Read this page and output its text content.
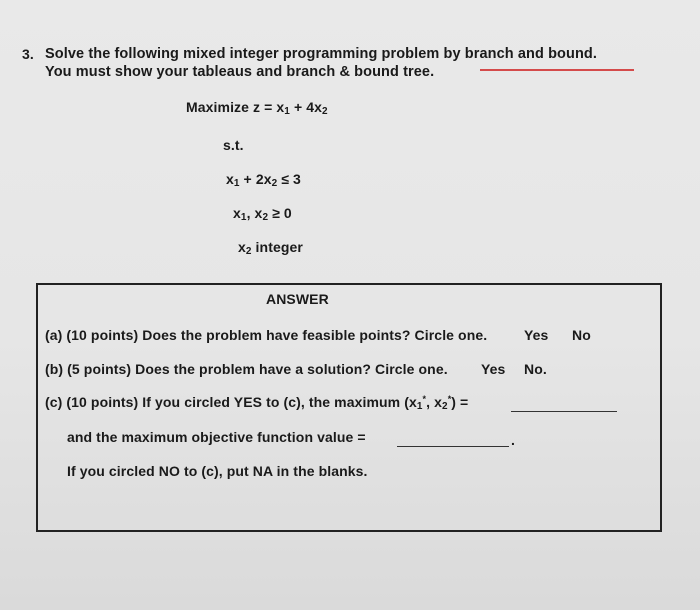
3. Solve the following mixed integer programming problem by branch and bound.
You must show your tableaus and branch & bound tree.
Maximize $z = x_1 + 4x_2$
s.t.
$x_1 + 2x_2 \le 3$
$x_1$, $x_2 \ge 0$
$x_2$ integer
ANSWER
(a) (10 points) Does the problem have feasible points? Circle one.	Yes No
(b) (5 points) Does the problem have a solution? Circle one. Yes No.
(c) (10 points) If you circled YES to (c), the maximum ($x_1^*$, $x_2^*$) =
and the maximum objective function value =	.
If you circled NO to (c), put NA in the blanks.
